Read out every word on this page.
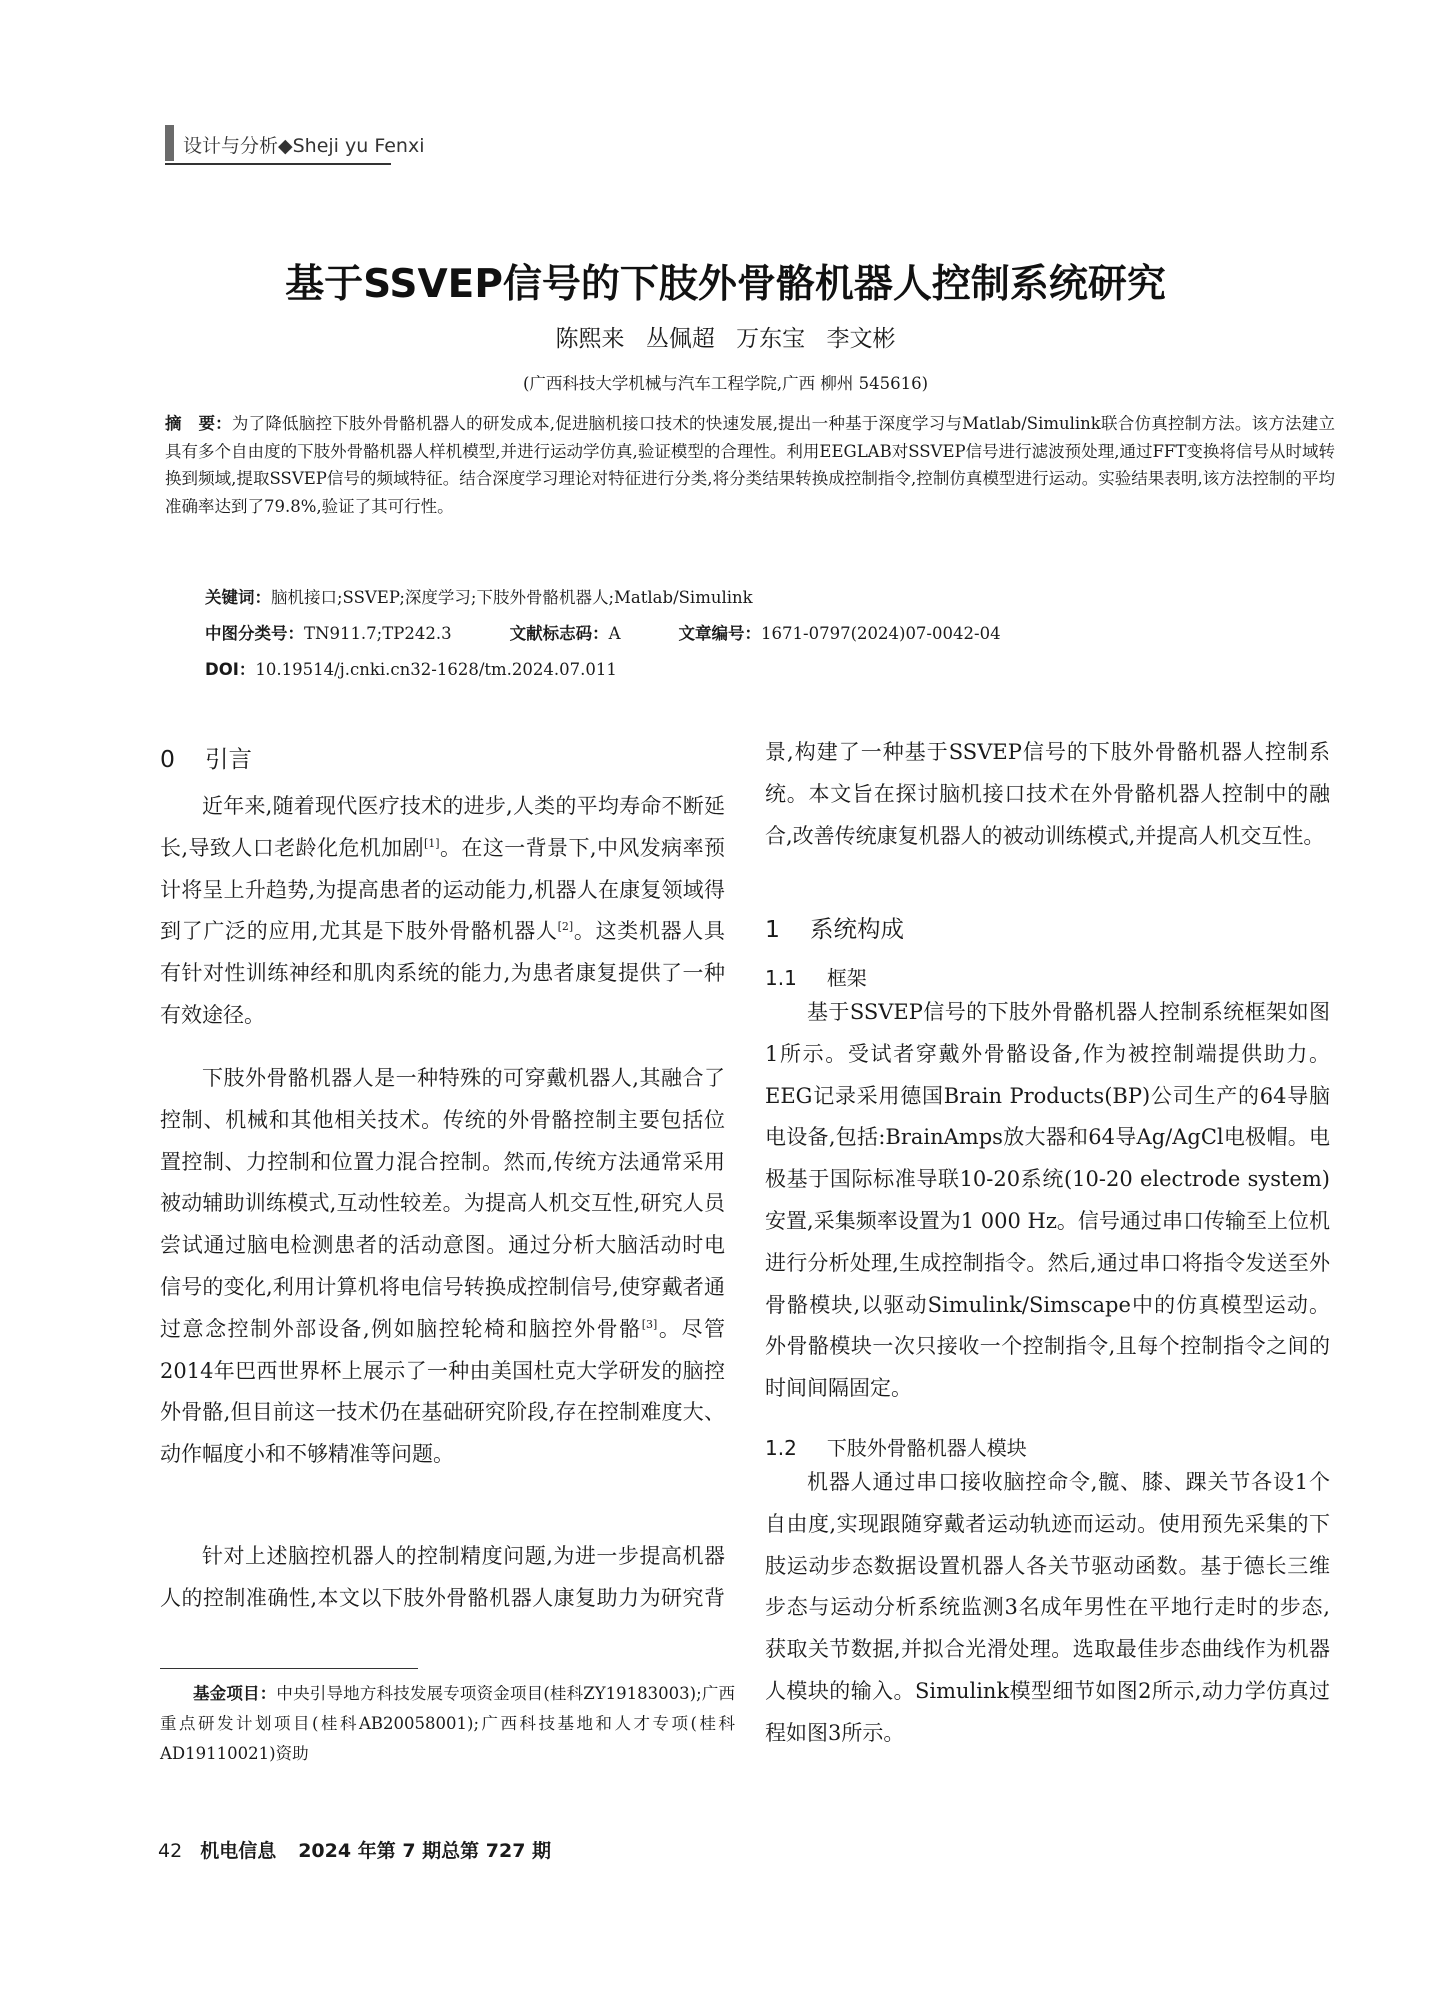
设计与分析◆Sheji yu Fenxi
基于SSVEP信号的下肢外骨骼机器人控制系统研究
陈熙来 丛佩超 万东宝 李文彬
(广西科技大学机械与汽车工程学院,广西 柳州 545616)
摘　要：为了降低脑控下肢外骨骼机器人的研发成本,促进脑机接口技术的快速发展,提出一种基于深度学习与Matlab/Simulink联合仿真控制方法。该方法建立具有多个自由度的下肢外骨骼机器人样机模型,并进行运动学仿真,验证模型的合理性。利用EEGLAB对SSVEP信号进行滤波预处理,通过FFT变换将信号从时域转换到频域,提取SSVEP信号的频域特征。结合深度学习理论对特征进行分类,将分类结果转换成控制指令,控制仿真模型进行运动。实验结果表明,该方法控制的平均准确率达到了79.8%,验证了其可行性。
关键词：脑机接口;SSVEP;深度学习;下肢外骨骼机器人;Matlab/Simulink
中图分类号：TN911.7;TP242.3	文献标志码：A	文章编号：1671-0797(2024)07-0042-04
DOI：10.19514/j.cnki.cn32-1628/tm.2024.07.011
0 引言

近年来,随着现代医疗技术的进步,人类的平均寿命不断延长,导致人口老龄化危机加剧[1]。在这一背景下,中风发病率预计将呈上升趋势,为提高患者的运动能力,机器人在康复领域得到了广泛的应用,尤其是下肢外骨骼机器人[2]。这类机器人具有针对性训练神经和肌肉系统的能力,为患者康复提供了一种有效途径。

下肢外骨骼机器人是一种特殊的可穿戴机器人,其融合了控制、机械和其他相关技术。传统的外骨骼控制主要包括位置控制、力控制和位置力混合控制。然而,传统方法通常采用被动辅助训练模式,互动性较差。为提高人机交互性,研究人员尝试通过脑电检测患者的活动意图。通过分析大脑活动时电信号的变化,利用计算机将电信号转换成控制信号,使穿戴者通过意念控制外部设备,例如脑控轮椅和脑控外骨骼[3]。尽管2014年巴西世界杯上展示了一种由美国杜克大学研发的脑控外骨骼,但目前这一技术仍在基础研究阶段,存在控制难度大、动作幅度小和不够精准等问题。

针对上述脑控机器人的控制精度问题,为进一步提高机器人的控制准确性,本文以下肢外骨骼机器人康复助力为研究背

基金项目：中央引导地方科技发展专项资金项目(桂科ZY19183003);广西重点研发计划项目(桂科AB20058001);广西科技基地和人才专项(桂科AD19110021)资助

景,构建了一种基于SSVEP信号的下肢外骨骼机器人控制系统。本文旨在探讨脑机接口技术在外骨骼机器人控制中的融合,改善传统康复机器人的被动训练模式,并提高人机交互性。

1 系统构成
1.1 框架

基于SSVEP信号的下肢外骨骼机器人控制系统框架如图1所示。受试者穿戴外骨骼设备,作为被控制端提供助力。EEG记录采用德国Brain Products(BP)公司生产的64导脑电设备,包括:BrainAmps放大器和64导Ag/AgCl电极帽。电极基于国际标准导联10-20系统(10-20 electrode system)安置,采集频率设置为1 000 Hz。信号通过串口传输至上位机进行分析处理,生成控制指令。然后,通过串口将指令发送至外骨骼模块,以驱动Simulink/Simscape中的仿真模型运动。外骨骼模块一次只接收一个控制指令,且每个控制指令之间的时间间隔固定。

1.2 下肢外骨骼机器人模块

机器人通过串口接收脑控命令,髋、膝、踝关节各设1个自由度,实现跟随穿戴者运动轨迹而运动。使用预先采集的下肢运动步态数据设置机器人各关节驱动函数。基于德长三维步态与运动分析系统监测3名成年男性在平地行走时的步态,获取关节数据,并拟合光滑处理。选取最佳步态曲线作为机器人模块的输入。Simulink模型细节如图2所示,动力学仿真过程如图3所示。

42 机电信息 2024 年第 7 期总第 727 期
